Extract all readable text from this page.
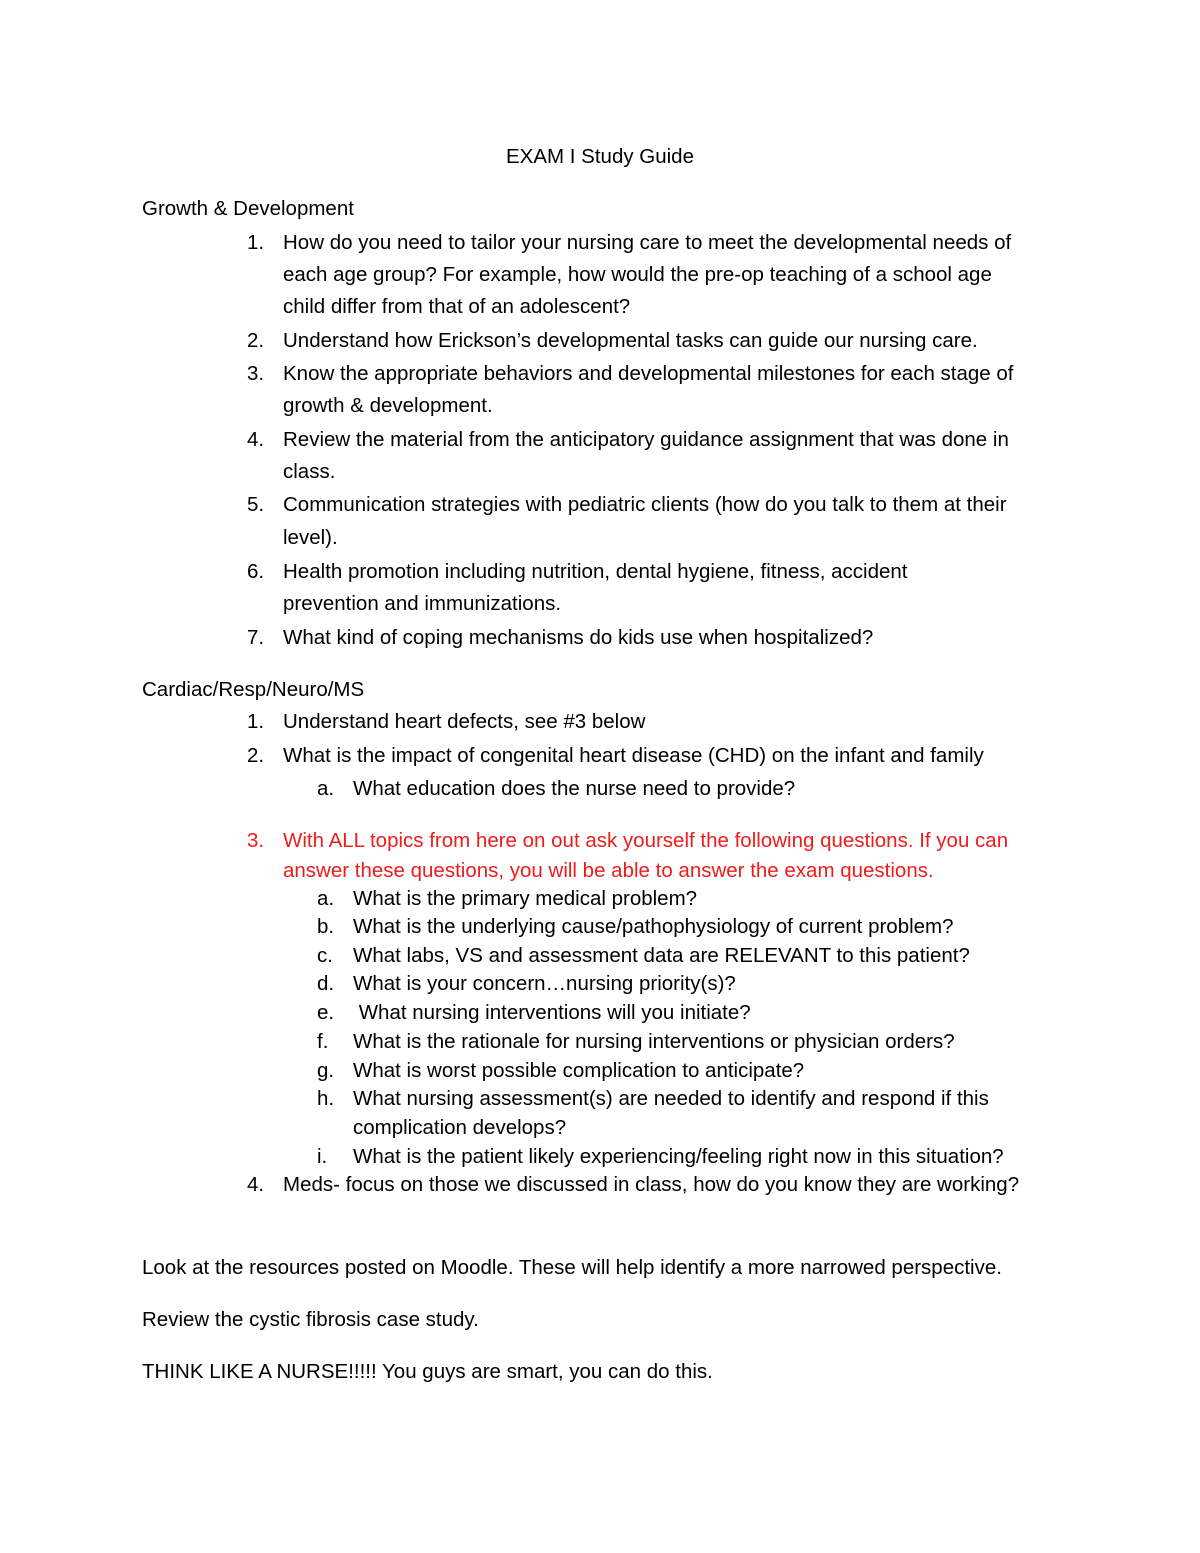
EXAM I Study Guide
Growth & Development
1. How do you need to tailor your nursing care to meet the developmental needs of
each age group? For example, how would the pre-op teaching of a school age
child differ from that of an adolescent?
2. Understand how Erickson’s developmental tasks can guide our nursing care.
3. Know the appropriate behaviors and developmental milestones for each stage of
growth & development.
4. Review the material from the anticipatory guidance assignment that was done in
class.
5. Communication strategies with pediatric clients (how do you talk to them at their
level).
6. Health promotion including nutrition, dental hygiene, fitness, accident
prevention and immunizations.
7. What kind of coping mechanisms do kids use when hospitalized?
Cardiac/Resp/Neuro/MS
1. Understand heart defects, see #3 below
2. What is the impact of congenital heart disease (CHD) on the infant and family
a. What education does the nurse need to provide?
3. With ALL topics from here on out ask yourself the following questions. If you can
answer these questions, you will be able to answer the exam questions.
a. What is the primary medical problem?
b. What is the underlying cause/pathophysiology of current problem?
c. What labs, VS and assessment data are RELEVANT to this patient?
d. What is your concern…nursing priority(s)?
e. What nursing interventions will you initiate?
f. What is the rationale for nursing interventions or physician orders?
g. What is worst possible complication to anticipate?
h. What nursing assessment(s) are needed to identify and respond if this
complication develops?
i. What is the patient likely experiencing/feeling right now in this situation?
4. Meds- focus on those we discussed in class, how do you know they are working?
Look at the resources posted on Moodle. These will help identify a more narrowed perspective.
Review the cystic fibrosis case study.
THINK LIKE A NURSE!!!!! You guys are smart, you can do this.
